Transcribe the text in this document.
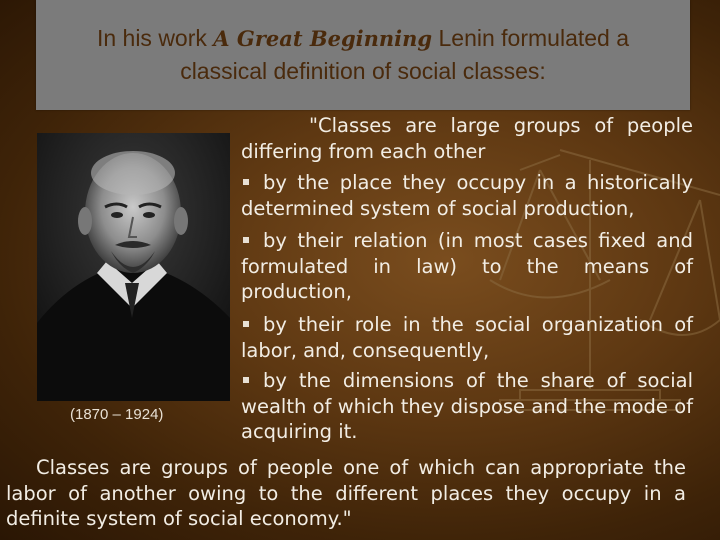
In his work A Great Beginning Lenin formulated a
classical definition of social classes:
(1870 – 1924)
"Classes are large groups of people differing from each other
by the place they occupy in a historically determined system of social production,
by their relation (in most cases fixed and formulated in law) to the means of production,
by their role in the social organization of labor, and, consequently,
by the dimensions of the share of social wealth of which they dispose and the mode of acquiring it.
Classes are groups of people one of which can appropriate the labor of another owing to the different places they occupy in a definite system of social economy."
